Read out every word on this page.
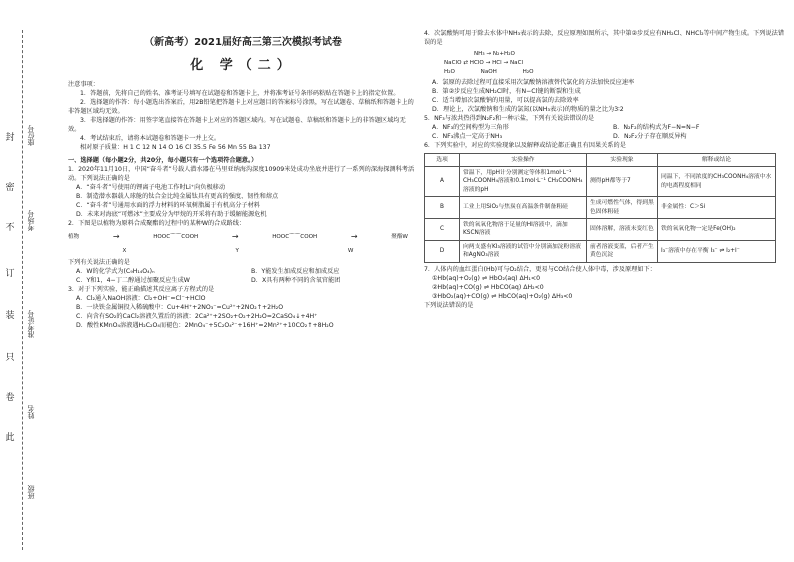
封
密
不
订
装
只
卷
此
座位号
考场号
准考证号
姓名
班级
（新高考）2021届好高三第三次模拟考试卷
化 学（二）

注意事项：

1．答题前，先将自己的姓名、准考证号填写在试题卷和答题卡上，并将准考证号条形码粘贴在答题卡上的指定位置。

2．选择题的作答：每小题选出答案后，用2B铅笔把答题卡上对应题目的答案标号涂黑，写在试题卷、草稿纸和答题卡上的非答题区域均无效。

3．非选择题的作答：用签字笔直接答在答题卡上对应的答题区域内。写在试题卷、草稿纸和答题卡上的非答题区域均无效。

4．考试结束后，请将本试题卷和答题卡一并上交。

相对原子质量：H 1 C 12 N 14 O 16 Cl 35.5 Fe 56 Mn 55 Ba 137

一、选择题（每小题2分，共20分，每小题只有一个选项符合题意。）

1．2020年11月10日，中国“奋斗者”号载人潜水器在马里亚纳海沟深度10909米处成功坐底并进行了一系列的深海探测科考活动。下列说法正确的是

A．“奋斗者”号使用的锂离子电池工作时Li⁺向负极移动

B．制造潜水器载人球舱的钛合金比纯金属钛具有更高的强度、韧性和熔点

C．“奋斗者”号通用水面的浮力材料的环氧树脂属于有机高分子材料

D．未来对海底“可燃冰”主要成分为甲烷的开采将有助于缓解能源危机

2．下图是以植物为原料合成聚酯的过程中的某种W的合成路线：

植物	→	HOOC⌒⌒COOH	→	HOOC⌒⌒COOH	→	聚酯W
X	Y	W

下列有关说法正确的是

A．W的化学式为(C₉H₁₄O₄)ₙ	B．Y能发生加成反应和加成反应
C．Y和1，4−丁二醇通过加聚反应生成W	D．X具有两种不同的含氧官能团

3．对于下列实验，能正确描述其反应离子方程式的是

A．Cl₂通入NaOH溶液：Cl₂+OH⁻=Cl⁻+HClO

B．一块铁金属铜投入稀硫酸中：Cu+4H⁺+2NO₃⁻=Cu²⁺+2NO₂↑+2H₂O

C．向含有SO₂的CaCl₂溶液久置后的溶液：2Ca²⁺+2SO₂+O₂+2H₂O=2CaSO₄↓+4H⁺

D．酸性KMnO₄溶液遇H₂C₂O₄而褪色：2MnO₄⁻+5C₂O₄²⁻+16H⁺=2Mn²⁺+10CO₂↑+8H₂O

4．次氯酸钠可用于除去水体中NH₃表示的去除，反应原理如图所示，其中第②步反应有NH₂Cl、NHCl₂等中间产物生成。下列说法错误的是

NH₃ → N₂+H₂O
NaClO ⇄ HClO → HCl → NaCl
H₂O	NaOH	H₂O

A．氯原的去除过程可直接采用次氯酸钠溶液替代氯化的方法加快反应速率

B．第②步反应生成NH₂Cl时，有N−Cl键的断裂和生成

C．适当增加次氯酸钠的用量，可以提高氯的去除效率

D．理论上，次氯酸钠和生成的氯氮(以NH₃表示)的物质的量之比为3∶2

5．NF₃与浓共热得到N₂F₂和一种示盐，下列有关说法错误的是

A．NF₃的空间构型为三角形	B．N₂F₂的结构式为F−N=N−F
C．NF₃沸点一定高于NH₃	D．N₂F₂分子存在顺反异构

6．下列实验中，对应的实验现象以及解释或结论都正确且有因果关系的是

选项	实验操作	实验现象	解释或结论
A	常温下，用pH计分别测定等体积1mol·L⁻¹ CH₃COONH₄溶液和0.1mol·L⁻¹ CH₃COONH₄溶液的pH	测得pH都等于7	同温下，不同浓度的CH₃COONH₄溶液中水的电离程度相同
B	工业上用SiO₂与焦炭在高温条件制备粗硅	生成可燃性气体，得到黑色固体粗硅	非金属性：C＞Si
C	铁的氧氧化物溶于足量的HI溶液中，滴加KSCN溶液	固体溶解，溶液未变红色	铁的氧氧化物一定是Fe(OH)₂
D	向两支盛有KI₃溶液的试管中分别滴加淀粉溶液和AgNO₃溶液	前者溶液变蓝，后者产生黄色沉淀	I₃⁻溶液中存在平衡 I₃⁻ ⇌ I₂+I⁻

7．人体内的血红蛋白(Hb)可与O₂结合，更易与CO结合使人体中毒，涉及原理如下：

①Hb(aq)+O₂(g) ⇌ HbO₂(aq) ΔH₁<0

②Hb(aq)+CO(g) ⇌ HbCO(aq) ΔH₂<0

③HbO₂(aq)+CO(g) ⇌ HbCO(aq)+O₂(g) ΔH₃<0

下列说法错误的是
